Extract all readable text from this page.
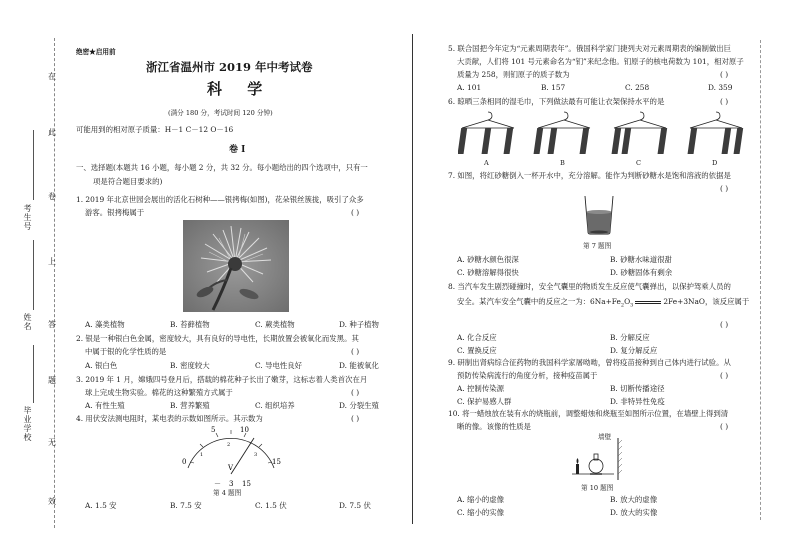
在
此
卷
上
答
题
无
效
考生号
姓名
毕业学校
绝密★启用前
浙江省温州市 2019 年中考试卷
科 学
(满分 180 分，考试时间 120 分钟)
可能用到的相对原子质量：H－1 C－12 O－16
卷 Ⅰ
一、选择题(本题共 16 小题，每小题 2 分，共 32 分。每小题给出的四个选项中，只有一
项是符合题目要求的)
1. 2019 年北京世园会展出的活化石树种——银拷梅(如图)，花朵银丝簇拢，吸引了众多
游客。银拷梅属于	( )
A. 藻类植物	B. 苔藓植物	C. 蕨类植物	D. 种子植物
2. 银是一种银白色金属，密度较大，具有良好的导电性，长期放置会被氧化而发黑。其
中属于银的化学性质的是	( )
A. 银白色	B. 密度较大	C. 导电性良好	D. 能被氧化
3. 2019 年 1 月，嫦娥四号登月后，搭载的棉花种子长出了嫩芽，这标志着人类首次在月
球上完成生物实验。棉花的这种繁殖方式属于	( )
A. 有性生殖	B. 营养繁殖	C. 组织培养	D. 分裂生殖
4. 用伏安法测电阻时，某电表的示数如图所示。其示数为	( )
0
5	10
15
1
2
3
V
－ 3 15
第 4 题图
A. 1.5 安	B. 7.5 安	C. 1.5 伏	D. 7.5 伏
5. 联合国把今年定为“元素周期表年”。俄国科学家门捷列夫对元素周期表的编制做出巨
大贡献，人们将 101 号元素命名为“钔”来纪念他。钔原子的核电荷数为 101，相对原子
质量为 258，则钔原子的质子数为	( )
A. 101	B. 157	C. 258	D. 359
6. 晾晒三条相同的湿毛巾，下列做法最有可能让衣架保持水平的是	( )
A	B	C	D
7. 如图，将红砂糖倒入一杯开水中，充分溶解。能作为判断砂糖水是饱和溶液的依据是
( )
第 7 题图
A. 砂糖水颜色很深	B. 砂糖水味道很甜
C. 砂糖溶解得很快	D. 砂糖固体有剩余
8. 当汽车发生剧烈碰撞时，安全气囊里的物质发生反应使气囊弹出，以保护驾乘人员的
安全。某汽车安全气囊中的反应之一为：$6Na+Fe_2O_3$	2Fe+3NaO，该反应属于
( )
A. 化合反应	B. 分解反应
C. 置换反应	D. 复分解反应
9. 研制出肾病综合征药物的我国科学家屠呦呦，曾将疫苗接种到自己体内进行试验。从
预防传染病流行的角度分析，接种疫苗属于	( )
A. 控制传染源	B. 切断传播途径
C. 保护易感人群	D. 非特异性免疫
10. 将一蜡烛放在装有水的烧瓶前，调整蜡烛和烧瓶至如图所示位置，在墙壁上得到清
晰的像。该像的性质是	( )
墙壁
第 10 题图
A. 缩小的虚像	B. 放大的虚像
C. 缩小的实像	D. 放大的实像
